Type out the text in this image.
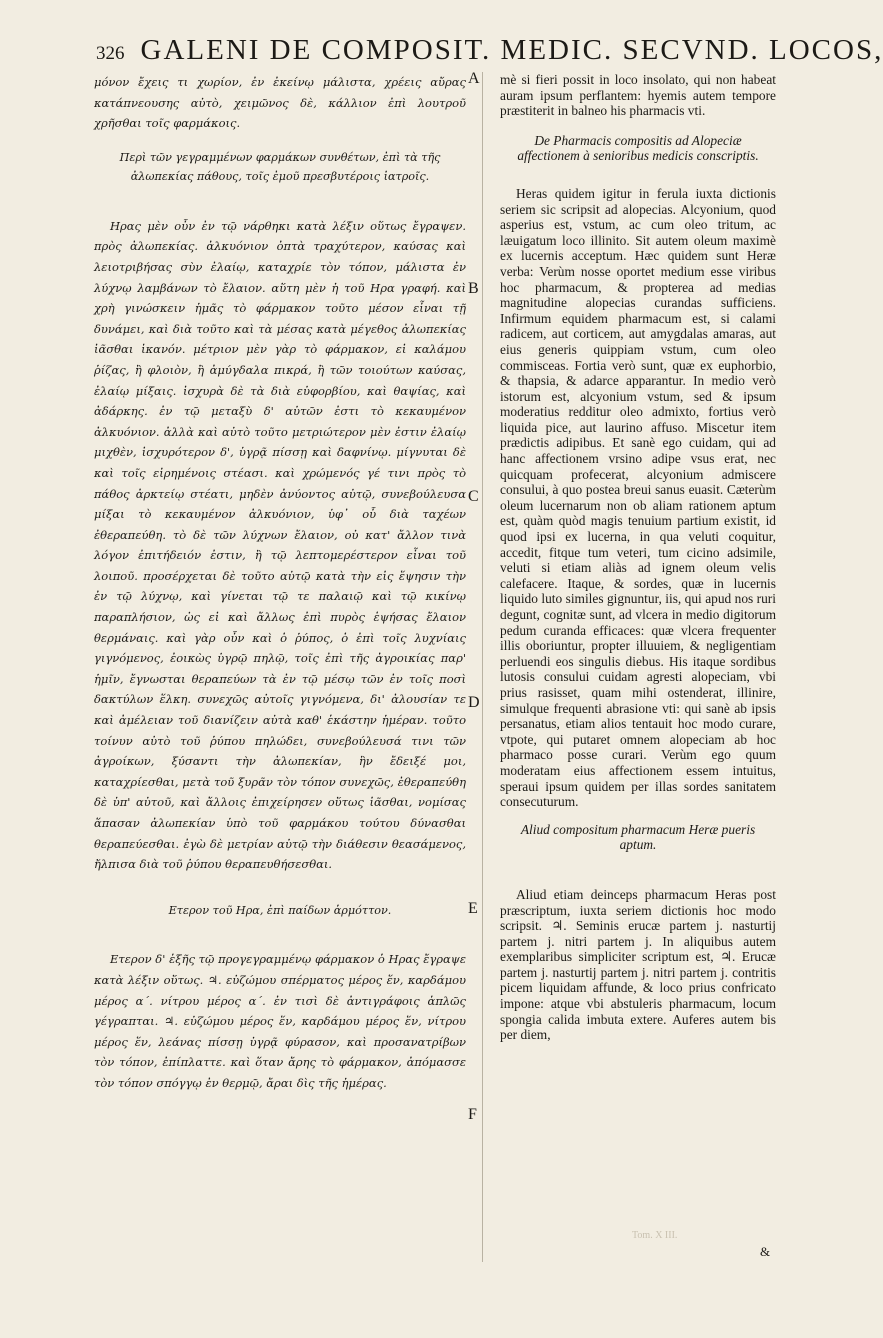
326 GALENI DE COMPOSIT. MEDIC. SECVND. LOCOS,
A
B
C
D
E
F

μόνον ἔχεις τι χωρίον, ἐν ἐκείνῳ μάλιστα, χρέεις αὔρας κατάπνεουσης αὐτὸ, χειμῶνος δὲ, κάλλιον ἐπὶ λουτροῦ χρῆσθαι τοῖς φαρμάκοις.

Περὶ τῶν γεγραμμένων φαρμάκων συνθέτων, ἐπὶ τὰ τῆς ἀλωπεκίας πάθους, τοῖς ἐμοῦ πρεσβυτέροις ἰατροῖς.

Ηρας μὲν οὖν ἐν τῷ νάρθηκι κατὰ λέξιν οὕτως ἔγραψεν. πρὸς ἀλωπεκίας. ἀλκυόνιον ὀπτὰ τραχύτερον, καύσας καὶ λειοτριβήσας σὺν ἐλαίῳ, καταχρίε τὸν τόπον, μάλιστα ἐν λύχνῳ λαμβάνων τὸ ἔλαιον. αὕτη μὲν ἡ τοῦ Ηρα γραφή. καὶ χρὴ γινώσκειν ἡμᾶς τὸ φάρμακον τοῦτο μέσον εἶναι τῇ δυνάμει, καὶ διὰ τοῦτο καὶ τὰ μέσας κατὰ μέγεθος ἀλωπεκίας ἰᾶσθαι ἱκανόν. μέτριον μὲν γὰρ τὸ φάρμακον, εἰ καλάμου ῥίζας, ἢ φλοιὸν, ἢ ἀμύγδαλα πικρά, ἢ τῶν τοιούτων καύσας, ἐλαίῳ μίξαις. ἰσχυρὰ δὲ τὰ διὰ εὐφορβίου, καὶ θαψίας, καὶ ἀδάρκης. ἐν τῷ μεταξὺ δ' αὐτῶν ἐστι τὸ κεκαυμένον ἀλκυόνιον. ἀλλὰ καὶ αὐτὸ τοῦτο μετριώτερον μὲν ἐστιν ἐλαίῳ μιχθὲν, ἰσχυρότερον δ', ὑγρᾷ πίσσῃ καὶ δαφνίνῳ. μίγνυται δὲ καὶ τοῖς εἰρημένοις στέασι. καὶ χρώμενός γέ τινι πρὸς τὸ πάθος ἀρκτείῳ στέατι, μηδὲν ἀνύοντος αὐτῷ, συνεβούλευσα μίξαι τὸ κεκαυμένον ἀλκυόνιον, ὑφ᾽ οὗ διὰ ταχέων ἐθεραπεύθη. τὸ δὲ τῶν λύχνων ἔλαιον, οὐ κατ' ἄλλον τινὰ λόγον ἐπιτήδειόν ἐστιν, ἢ τῷ λεπτομερέστερον εἶναι τοῦ λοιποῦ. προσέρχεται δὲ τοῦτο αὐτῷ κατὰ τὴν εἰς ἕψησιν τὴν ἐν τῷ λύχνῳ, καὶ γίνεται τῷ τε παλαιῷ καὶ τῷ κικίνῳ παραπλήσιον, ὡς εἰ καὶ ἄλλως ἐπὶ πυρὸς ἑψήσας ἔλαιον θερμάναις. καὶ γὰρ οὖν καὶ ὁ ῥύπος, ὁ ἐπὶ τοῖς λυχνίαις γιγνόμενος, ἐοικὼς ὑγρῷ πηλῷ, τοῖς ἐπὶ τῆς ἀγροικίας παρ' ἡμῖν, ἔγνωσται θεραπεύων τὰ ἐν τῷ μέσῳ τῶν ἐν τοῖς ποσὶ δακτύλων ἕλκη. συνεχῶς αὐτοῖς γιγνόμενα, δι' ἀλουσίαν τε καὶ ἀμέλειαν τοῦ διανίζειν αὐτὰ καθ' ἑκάστην ἡμέραν. τοῦτο τοίνυν αὐτὸ τοῦ ῥύπου πηλώδει, συνεβούλευσά τινι τῶν ἀγροίκων, ξύσαντι τὴν ἀλωπεκίαν, ἣν ἔδειξέ μοι, καταχρίεσθαι, μετὰ τοῦ ξυρᾶν τὸν τόπον συνεχῶς, ἐθεραπεύθη δὲ ὑπ' αὐτοῦ, καὶ ἄλλοις ἐπιχείρησεν οὕτως ἰᾶσθαι, νομίσας ἅπασαν ἀλωπεκίαν ὑπὸ τοῦ φαρμάκου τούτου δύνασθαι θεραπεύεσθαι. ἐγὼ δὲ μετρίαν αὐτῷ τὴν διάθεσιν θεασάμενος, ἤλπισα διὰ τοῦ ῥύπου θεραπευθήσεσθαι.

Ετερον τοῦ Ηρα, ἐπὶ παίδων ἁρμόττον.

Ετερον δ' ἑξῆς τῷ προγεγραμμένῳ φάρμακον ὁ Ηρας ἔγραψε κατὰ λέξιν οὕτως. ♃. εὐζώμου σπέρματος μέρος ἕν, καρδάμου μέρος α΄. νίτρου μέρος α΄. ἐν τισὶ δὲ ἀντιγράφοις ἁπλῶς γέγραπται. ♃. εὐζώμου μέρος ἕν, καρδάμου μέρος ἕν, νίτρου μέρος ἕν, λεάνας πίσσῃ ὑγρᾷ φύρασον, καὶ προσανατρίβων τὸν τόπον, ἐπίπλαττε. καὶ ὅταν ἄρης τὸ φάρμακον, ἀπόμασσε τὸν τόπον σπόγγῳ ἐν θερμῷ, ἄραι δὶς τῆς ἡμέρας.

mè si fieri possit in loco insolato, qui non habeat auram ipsum perflantem: hyemis autem tempore præstiterit in balneo his pharmacis vti.

De Pharmacis compositis ad Alopeciæ affectionem à senioribus medicis conscriptis.

Heras quidem igitur in ferula iuxta dictionis seriem sic scripsit ad alopecias. Alcyonium, quod asperius est, vstum, ac cum oleo tritum, ac læuigatum loco illinito. Sit autem oleum maximè ex lucernis acceptum. Hæc quidem sunt Heræ verba: Verùm nosse oportet medium esse viribus hoc pharmacum, & propterea ad medias magnitudine alopecias curandas sufficiens. Infirmum equidem pharmacum est, si calami radicem, aut corticem, aut amygdalas amaras, aut eius generis quippiam vstum, cum oleo commisceas. Fortia verò sunt, quæ ex euphorbio, & thapsia, & adarce apparantur. In medio verò istorum est, alcyonium vstum, sed & ipsum moderatius redditur oleo admixto, fortius verò liquida pice, aut laurino affuso. Miscetur item prædictis adipibus. Et sanè ego cuidam, qui ad hanc affectionem vrsino adipe vsus erat, nec quicquam profecerat, alcyonium admiscere consului, à quo postea breui sanus euasit. Cæterùm oleum lucernarum non ob aliam rationem aptum est, quàm quòd magis tenuium partium existit, id quod ipsi ex lucerna, in qua veluti coquitur, accedit, fitque tum veteri, tum cicino adsimile, veluti si etiam aliàs ad ignem oleum velis calefacere. Itaque, & sordes, quæ in lucernis liquido luto similes gignuntur, iis, qui apud nos ruri degunt, cognitæ sunt, ad vlcera in medio digitorum pedum curanda efficaces: quæ vlcera frequenter illis oboriuntur, propter illuuiem, & negligentiam perluendi eos singulis diebus. His itaque sordibus lutosis consului cuidam agresti alopeciam, vbi prius rasisset, quam mihi ostenderat, illinire, simulque frequenti abrasione vti: qui sanè ab ipsis persanatus, etiam alios tentauit hoc modo curare, vtpote, qui putaret omnem alopeciam ab hoc pharmaco posse curari. Verùm ego quum moderatam eius affectionem essem intuitus, speraui ipsum quidem per illas sordes sanitatem consecuturum.

Aliud compositum pharmacum Heræ pueris aptum.

Aliud etiam deinceps pharmacum Heras post præscriptum, iuxta seriem dictionis hoc modo scripsit. ♃. Seminis erucæ partem j. nasturtij partem j. nitri partem j. In aliquibus autem exemplaribus simpliciter scriptum est, ♃. Erucæ partem j. nasturtij partem j. nitri partem j. contritis picem liquidam affunde, & loco prius confricato impone: atque vbi abstuleris pharmacum, locum spongia calida imbuta extere. Auferes autem bis per diem,

Tom. X III.
&
